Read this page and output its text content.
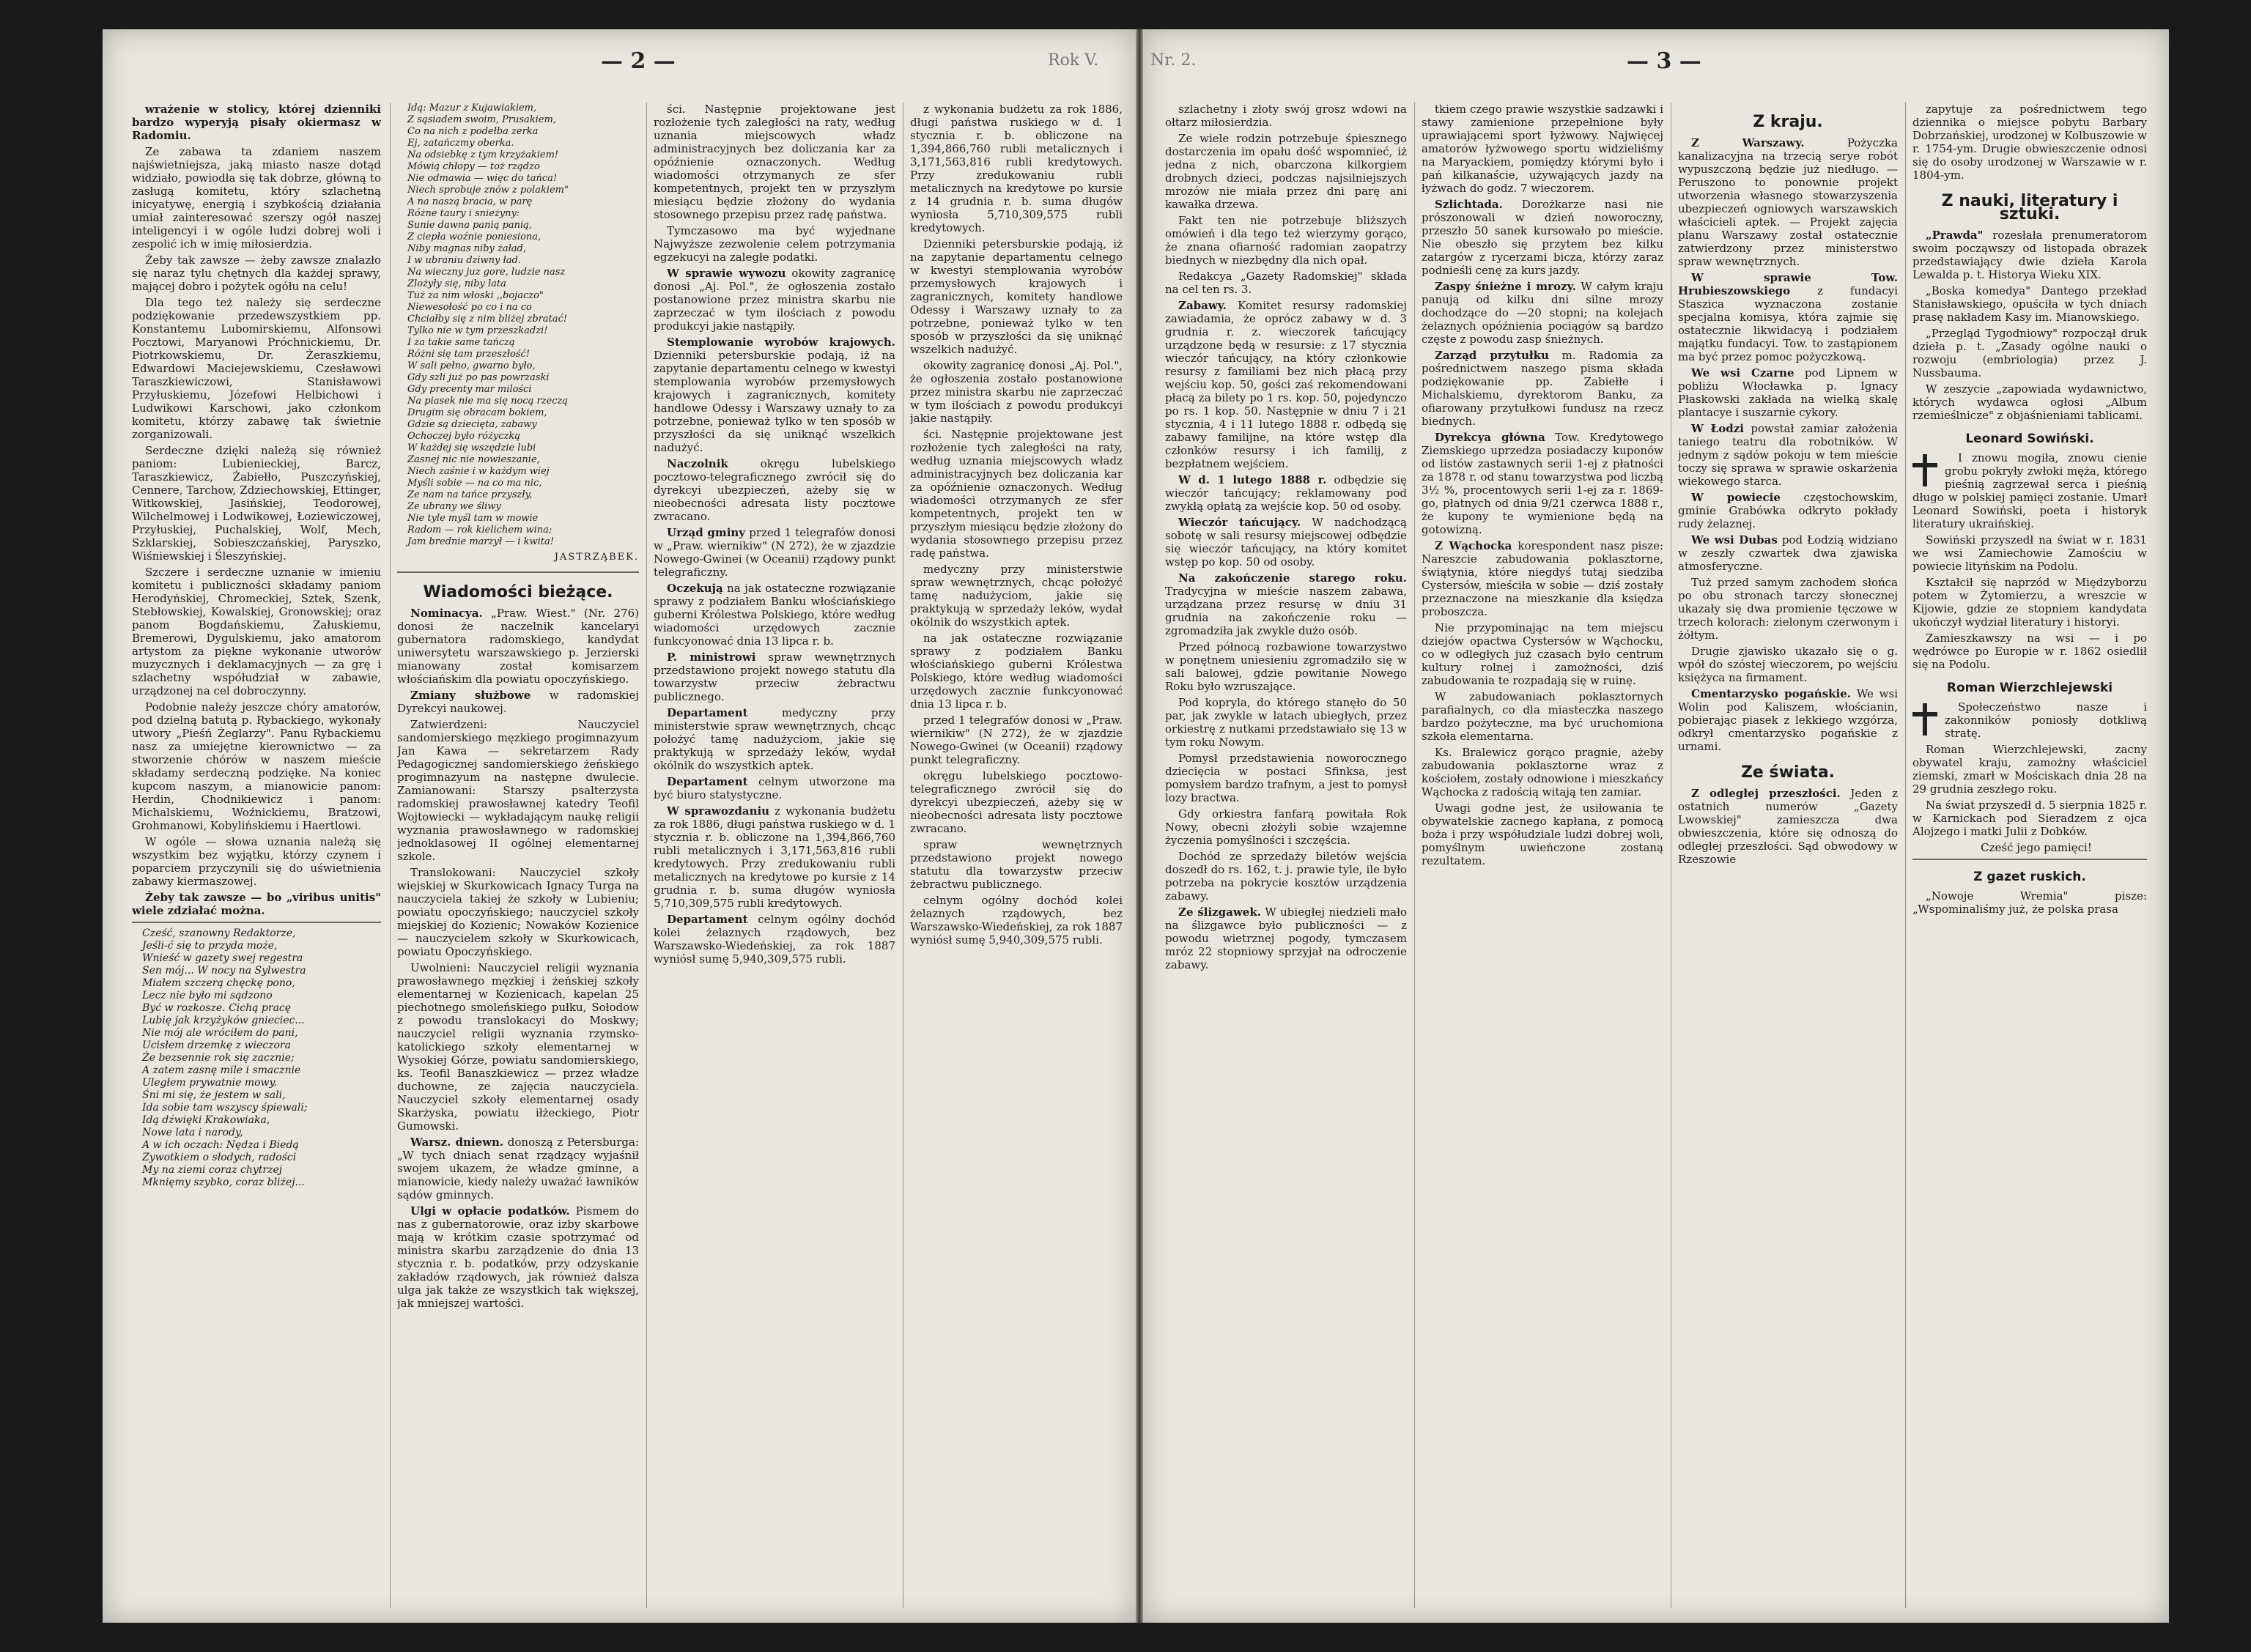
Rok V.
— 2 —	— 3 —
Nr. 2.

wrażenie w stolicy, której dzienniki bardzo wyperyją pisały okiermasz w Radomiu.

Ze zabawa ta zdaniem naszem najświetniejsza, jaką miasto nasze dotąd widziało, powiodła się tak dobrze, główną to zasługą komitetu, który szlachetną inicyatywę, energią i szybkością działania umiał zainteresować szerszy ogół naszej inteligencyi i w ogóle ludzi dobrej woli i zespolić ich w imię miłosierdzia.

Żeby tak zawsze — żeby zawsze znalazło się naraz tylu chętnych dla każdej sprawy, mającej dobro i pożytek ogółu na celu!

Dla tego też należy się serdeczne podziękowanie przedewszystkiem pp. Konstantemu Lubomirskiemu, Alfonsowi Pocztowi, Maryanowi Próchnickiemu, Dr. Piotrkowskiemu, Dr. Żeraszkiemu, Edwardowi Maciejewskiemu, Czesławowi Taraszkiewiczowi, Stanisławowi Przyłuskiemu, Józefowi Helbichowi i Ludwikowi Karschowi, jako członkom komitetu, którzy zabawę tak świetnie zorganizowali.

Serdeczne dzięki należą się również paniom: Lubienieckiej, Barcz, Taraszkiewicz, Żabiełło, Puszczyńskiej, Cennere, Tarchow, Zdziechowskiej, Ettinger, Witkowskiej, Jasińskiej, Teodorowej, Wilchelmowej i Lodwikowej, Łoziewiczowej, Przyłuskiej, Puchalskiej, Wolf, Mech, Szklarskiej, Sobieszczańskiej, Paryszko, Wiśniewskiej i Śleszyńskiej.

Szczere i serdeczne uznanie w imieniu komitetu i publiczności składamy paniom Herodyńskiej, Chromeckiej, Sztek, Szenk, Stebłowskiej, Kowalskiej, Gronowskiej; oraz panom Bogdańskiemu, Załuskiemu, Bremerowi, Dygulskiemu, jako amatorom artystom za piękne wykonanie utworów muzycznych i deklamacyjnych — za grę i szlachetny współudział w zabawie, urządzonej na cel dobroczynny.

Podobnie należy jeszcze chóry amatorów, pod dzielną batutą p. Rybackiego, wykonały utwory „Pieśń Żeglarzy". Panu Rybackiemu nasz za umiejętne kierownictwo — za stworzenie chórów w naszem mieście składamy serdeczną podzięke. Na koniec kupcom naszym, a mianowicie panom: Herdin, Chodnikiewicz i panom: Michalskiemu, Woźnickiemu, Bratzowi, Grohmanowi, Kobylińskiemu i Haertlowi.

W ogóle — słowa uznania należą się wszystkim bez wyjątku, którzy czynem i poparciem przyczynili się do uświetnienia zabawy kiermaszowej.

Żeby tak zawsze — bo „viribus unitis" wiele zdziałać można.

Cześć, szanowny Redaktorze,
Jeśli-ć się to przyda może,
Wnieść w gazety swej regestra
Sen mój... W nocy na Sylwestra
Miałem szczerą chęckę pono,
Lecz nie było mi sądzono
Być w rozkosze. Cichą pracę
Lubię jak krzyżyków gnieciec...
Nie mój ale wróciłem do pani,
Ucisłem drzemkę z wieczora
Że bezsennie rok się zacznie;
A zatem zasnę mile i smacznie
Uległem prywatnie mowy.
Śni mi się, że jestem w sali,
Ida sobie tam wszyscy śpiewali;
Idą dźwięki Krakowiaka,
Nowe lata i narody,
A w ich oczach: Nędza i Biedą
Zywotkiem o słodych, radości
My na ziemi coraz chytrzej
Mknięmy szybko, coraz bliżej...
Idą: Mazur z Kujawiakiem,
Z sąsiadem swoim, Prusakiem,
Co na nich z podełba zerka
Ej, zatańczmy oberka.
Na odsiebkę z tym krzyżakiem!
Mówią chłopy — toż rządzo
Nie odmawia — więc do tańca!
Niech sprobuje znów z polakiem"
A na naszą bracia, w parę
Różne taury i snieżyny:
Sunie dawna panią panią,
Z ciepła woźnie poniesiona,
Niby magnas niby żaład,
I w ubraniu dziwny ład.
Na wieczny juz gore, ludzie nasz
Zlożyły się, niby lata
Tuż za nim włoski ,,bojaczo"
Niewesołość po co i na co
Chciałby się z nim bliżej zbratać!
Tylko nie w tym przeszkadzi!
I za takie same tańczą
Różni się tam przeszłość!
W sali pełno, gwarno było,
Gdy szli już po pas powrzaski
Gdy precenty mar milości
Na piasek nie ma się nocą rzeczą
Drugim się obracam bokiem,
Gdzie są dziecięta, zabawy
Ochoczej było różyczką
W każdej się wszędzie lubi
Zasnej nic nie nowieszanie,
Niech zaśnie i w każdym wiej
Myśli sobie — na co ma nic,
Ze nam na tańce przyszły,
Ze ubrany we śliwy
Nie tyle myśl tam w mowie
Radom — rok kielichem wina;
Jam brednie marzył — i kwita!
JASTRZĄBEK.
Wiadomości bieżące.

Nominacya. „Praw. Wiest." (Nr. 276) donosi że naczelnik kancelaryi gubernatora radomskiego, kandydat uniwersytetu warszawskiego p. Jerzierski mianowany został komisarzem włościańskim dla powiatu opoczyńskiego.

Zmiany służbowe w radomskiej Dyrekcyi naukowej.

Zatwierdzeni: Nauczyciel sandomierskiego męzkiego progimnazyum Jan Kawa — sekretarzem Rady Pedagogicznej sandomierskiego żeńskiego progimnazyum na następne dwulecie. Zamianowani: Starszy psalterzysta radomskiej prawosławnej katedry Teofil Wojtowiecki — wykładającym naukę religii wyznania prawosławnego w radomskiej jednoklasowej II ogólnej elementarnej szkole.

Translokowani: Nauczyciel szkoły wiejskiej w Skurkowicach Ignacy Turga na nauczyciela takiej że szkoły w Lubieniu; powiatu opoczyńskiego; nauczyciel szkoły miejskiej do Kozienic; Nowaków Kozienice — nauczycielem szkoły w Skurkowicach, powiatu Opoczyńskiego.

Uwolnieni: Nauczyciel religii wyznania prawosławnego męzkiej i żeńskiej szkoły elementarnej w Kozienicach, kapelan 25 piechotnego smoleńskiego pułku, Sołodow z powodu translokacyi do Moskwy; nauczyciel religii wyznania rzymsko-katolickiego szkoły elementarnej w Wysokiej Górze, powiatu sandomierskiego, ks. Teofil Banaszkiewicz — przez władze duchowne, ze zajęcia nauczyciela. Nauczyciel szkoły elementarnej osady Skarżyska, powiatu iłżeckiego, Piotr Gumowski.

Warsz. dniewn. donoszą z Petersburga: „W tych dniach senat rządzący wyjaśnił swojem ukazem, że władze gminne, a mianowicie, kiedy należy uważać ławników sądów gminnych.

Ulgi w opłacie podatków. Pismem do nas z gubernatorowie, oraz izby skarbowe mają w krótkim czasie spotrzymać od ministra skarbu zarządzenie do dnia 13 stycznia r. b. podatków, przy odzyskanie zakładów rządowych, jak również dalsza ulga jak także ze wszystkich tak większej, jak mniejszej wartości.

ści. Następnie projektowane jest rozłożenie tych zaległości na raty, według uznania miejscowych władz administracyjnych bez doliczania kar za opóźnienie oznaczonych. Według wiadomości otrzymanych ze sfer kompetentnych, projekt ten w przyszłym miesiącu będzie złożony do wydania stosownego przepisu przez radę państwa.

Tymczasowo ma być wyjednane Najwyższe zezwolenie celem potrzymania egzekucyi na zaległe podatki.

W sprawie wywozu okowity zagranicę donosi „Aj. Pol.", że ogłoszenia zostało postanowione przez ministra skarbu nie zaprzeczać w tym ilościach z powodu produkcyi jakie nastąpiły.

Stemplowanie wyrobów krajowych. Dzienniki petersburskie podają, iż na zapytanie departamentu celnego w kwestyi stemplowania wyrobów przemysłowych krajowych i zagranicznych, komitety handlowe Odessy i Warszawy uznały to za potrzebne, ponieważ tylko w ten sposób w przyszłości da się uniknąć wszelkich nadużyć.

Naczolnik	okręgu lubelskiego pocztowo-telegraficznego zwrócił się do dyrekcyi ubezpieczeń, ażeby się w nieobecności adresata listy pocztowe zwracano.

Urząd gminy przed 1 telegrafów donosi w „Praw. wiernikiw" (N 272), że w zjazdzie Nowego-Gwinei (w Oceanii) rządowy punkt telegraficzny.

Oczekują na jak ostateczne rozwiązanie sprawy z podziałem Banku włościańskiego guberni Królestwa Polskiego, które według wiadomości urzędowych zacznie funkcyonować dnia 13 lipca r. b.

P. ministrowi spraw wewnętrznych przedstawiono projekt nowego statutu dla towarzystw przeciw żebractwu publicznego.

Departament	medyczny przy ministerstwie spraw wewnętrznych, chcąc położyć tamę nadużyciom, jakie się praktykują w sprzedaży leków, wydał okólnik do wszystkich aptek.

Departament celnym utworzone ma być biuro statystyczne.

W sprawozdaniu z wykonania budżetu za rok 1886, długi państwa ruskiego w d. 1 stycznia r. b. obliczone na 1,394,866,760 rubli metalicznych i 3,171,563,816 rubli kredytowych. Przy zredukowaniu rubli metalicznych na kredytowe po kursie z 14 grudnia r. b. suma długów wyniosła 5,710,309,575 rubli kredytowych.

Departament celnym ogólny dochód kolei żelaznych rządowych, bez Warszawsko-Wiedeńskiej, za rok 1887 wyniósł sumę 5,940,309,575 rubli.

z wykonania budżetu za rok 1886, długi państwa ruskiego w d. 1 stycznia r. b. obliczone na 1,394,866,760 rubli metalicznych i 3,171,563,816 rubli kredytowych. Przy zredukowaniu rubli metalicznych na kredytowe po kursie z 14 grudnia r. b. suma długów wyniosła 5,710,309,575 rubli kredytowych.

Dzienniki petersburskie podają, iż na zapytanie departamentu celnego w kwestyi stemplowania wyrobów przemysłowych krajowych i zagranicznych, komitety handlowe Odessy i Warszawy uznały to za potrzebne, ponieważ tylko w ten sposób w przyszłości da się uniknąć wszelkich nadużyć.

okowity zagranicę donosi „Aj. Pol.", że ogłoszenia zostało postanowione przez ministra skarbu nie zaprzeczać w tym ilościach z powodu produkcyi jakie nastąpiły.

ści. Następnie projektowane jest rozłożenie tych zaległości na raty, według uznania miejscowych władz administracyjnych bez doliczania kar za opóźnienie oznaczonych. Według wiadomości otrzymanych ze sfer kompetentnych, projekt ten w przyszłym miesiącu będzie złożony do wydania stosownego przepisu przez radę państwa.

medyczny przy ministerstwie spraw wewnętrznych, chcąc położyć tamę nadużyciom, jakie się praktykują w sprzedaży leków, wydał okólnik do wszystkich aptek.

na jak ostateczne rozwiązanie sprawy z podziałem Banku włościańskiego guberni Królestwa Polskiego, które według wiadomości urzędowych zacznie funkcyonować dnia 13 lipca r. b.

przed 1 telegrafów donosi w „Praw. wiernikiw" (N 272), że w zjazdzie Nowego-Gwinei (w Oceanii) rządowy punkt telegraficzny.

okręgu lubelskiego pocztowo-telegraficznego zwrócił się do dyrekcyi ubezpieczeń, ażeby się w nieobecności adresata listy pocztowe zwracano.

spraw wewnętrznych przedstawiono projekt nowego statutu dla towarzystw przeciw żebractwu publicznego.

celnym ogólny dochód kolei żelaznych rządowych, bez Warszawsko-Wiedeńskiej, za rok 1887 wyniósł sumę 5,940,309,575 rubli.

szlachetny i złoty swój grosz wdowi na ołtarz miłosierdzia.

Ze wiele rodzin potrzebuje śpiesznego dostarczenia im opału dość wspomnieć, iż jedna z nich, obarczona kilkorgiem drobnych dzieci, podczas najsilniejszych mrozów nie miała przez dni parę ani kawałka drzewa.

Fakt ten nie potrzebuje bliższych omówień i dla tego też wierzymy gorąco, że znana ofiarność radomian zaopatrzy biednych w niezbędny dla nich opał.

Redakcya „Gazety Radomskiej" składa na cel ten rs. 3.

Zabawy. Komitet resursy radomskiej zawiadamia, że oprócz zabawy w d. 3 grudnia r. z. wieczorek tańcujący urządzone będą w resursie: z 17 stycznia wieczór tańcujący, na który członkowie resursy z familiami bez nich płacą przy wejściu kop. 50, gości zaś rekomendowani płacą za bilety po 1 rs. kop. 50, pojedynczo po rs. 1 kop. 50. Następnie w dniu 7 i 21 stycznia, 4 i 11 lutego 1888 r. odbędą się zabawy familijne, na które wstęp dla członków resursy i ich familij, z bezpłatnem wejściem.

W d. 1 lutego 1888 r. odbędzie się wieczór tańcujący; reklamowany pod zwykłą opłatą za wejście kop. 50 od osoby.

Wieczór tańcujący. W nadchodzącą sobotę w sali resursy miejscowej odbędzie się wieczór tańcujący, na który komitet wstęp po kop. 50 od osoby.

Na zakończenie starego roku. Tradycyjna w mieście naszem zabawa, urządzana przez resursę w dniu 31 grudnia na zakończenie roku — zgromadziła jak zwykle dużo osób.

Przed północą rozbawione towarzystwo w ponętnem uniesieniu zgromadziło się w sali balowej, gdzie powitanie Nowego Roku było wzruszające.

Pod kopryla, do którego stanęło do 50 par, jak zwykle w latach ubiegłych, przez orkiestrę z nutkami przedstawiało się 13 w tym roku Nowym.

Pomysł przedstawienia noworocznego dziecięcia w postaci Sfinksa, jest pomysłem bardzo trafnym, a jest to pomysł lozy bractwa.

Gdy orkiestra fanfarą powitała Rok Nowy, obecni złożyli sobie wzajemne życzenia pomyślności i szczęścia.

Dochód ze sprzedaży biletów wejścia doszedł do rs. 162, t. j. prawie tyle, ile było potrzeba na pokrycie kosztów urządzenia zabawy.

Ze ślizgawek. W ubiegłej niedzieli mało na ślizgawce było publiczności — z powodu wietrznej pogody, tymczasem mróz 22 stopniowy sprzyjał na odroczenie zabawy.

tkiem czego prawie wszystkie sadzawki i stawy zamienione przepełnione były uprawiającemi sport łyżwowy. Najwięcej amatorów łyżwowego sportu widzieliśmy na Maryackiem, pomiędzy którymi było i pań kilkanaście, używających jazdy na łyżwach do godz. 7 wieczorem.

Szlichtada. Dorożkarze nasi nie prószonowali w dzień noworoczny, przeszło 50 sanek kursowało po mieście. Nie obeszło się przytem bez kilku zatargów z rycerzami bicza, którzy zaraz podnieśli cenę za kurs jazdy.

Zaspy śnieżne i mrozy. W całym kraju panują od kilku dni silne mrozy dochodzące do —20 stopni; na kolejach żelaznych opóźnienia pociągów są bardzo częste z powodu zasp śnieżnych.

Zarząd przytułku m. Radomia za pośrednictwem naszego pisma składa podziękowanie pp. Zabiełłe i Michalskiemu, dyrektorom Banku, za ofiarowany przytułkowi fundusz na rzecz biednych.

Dyrekcya główna Tow. Kredytowego Ziemskiego uprzedza posiadaczy kuponów od listów zastawnych serii 1-ej z płatności za 1878 r. od stanu towarzystwa pod liczbą 3½ %, procentowych serii 1-ej za r. 1869-go, płatnych od dnia 9/21 czerwca 1888 r., że kupony te wymienione będą na gotowizną.

Z Wąchocka korespondent nasz pisze: Nareszcie zabudowania poklasztorne, świątynia, które niegdyś tutaj siedziba Cystersów, mieściła w sobie — dziś zostały przeznaczone na mieszkanie dla księdza proboszcza.

Nie przypominając na tem miejscu dziejów opactwa Cystersów w Wąchocku, co w odległych już czasach było centrum kultury rolnej i zamożności, dziś zabudowania te rozpadają się w ruinę.

W zabudowaniach poklasztornych parafialnych, co dla miasteczka naszego bardzo pożyteczne, ma być uruchomiona szkoła elementarna.

Ks. Bralewicz gorąco pragnie, ażeby zabudowania poklasztorne wraz z kościołem, zostały odnowione i mieszkańcy Wąchocka z radością witają ten zamiar.

Uwagi godne jest, że usiłowania te obywatelskie zacnego kapłana, z pomocą boża i przy współudziale ludzi dobrej woli, pomyślnym uwieńczone zostaną rezultatem.

Z kraju.

Z Warszawy.	Pożyczka kanalizacyjna na trzecią serye robót wypuszczoną będzie już niedługo. — Peruszono to ponownie projekt utworzenia własnego stowarzyszenia ubezpieczeń ogniowych warszawskich właścicieli aptek. — Projekt zajęcia planu Warszawy został ostatecznie zatwierdzony przez ministerstwo spraw wewnętrznych.

W sprawie Tow. Hrubieszowskiego z fundacyi Staszica wyznaczona zostanie specjalna komisya, która zajmie się ostatecznie likwidacyą i podziałem majątku fundacyi. Tow. to zastąpionem ma być przez pomoc pożyczkową.

We wsi Czarne pod Lipnem w pobliżu Włocławka p. Ignacy Płaskowski zakłada na wielką skalę plantacye i suszarnie cykory.

W Łodzi powstał zamiar założenia taniego teatru dla robotników. W jednym z sądów pokoju w tem mieście toczy się sprawa w sprawie oskarżenia wiekowego starca.

W powiecie częstochowskim, gminie Grabówka odkryto pokłady rudy żelaznej.

We wsi Dubas pod Łodzią widziano w zeszły czwartek dwa zjawiska atmosferyczne.

Tuż przed samym zachodem słońca po obu stronach tarczy słonecznej ukazały się dwa promienie tęczowe w trzech kolorach: zielonym czerwonym i żółtym.

Drugie zjawisko ukazało się o g. wpół do szóstej wieczorem, po wejściu księżyca na firmament.

Cmentarzysko pogańskie. We wsi Wolin pod Kaliszem, włościanin, pobierając piasek z lekkiego wzgórza, odkrył cmentarzysko pogańskie z urnami.

Ze świata.

Z odległej przeszłości. Jeden z ostatnich numerów „Gazety Lwowskiej" zamieszcza dwa obwieszczenia, które się odnoszą do odległej przeszłości. Sąd obwodowy w Rzeszowie

zapytuje za pośrednictwem tego dziennika o miejsce pobytu Barbary Dobrzańskiej, urodzonej w Kolbuszowie w r. 1754-ym. Drugie obwieszczenie odnosi się do osoby urodzonej w Warszawie w r. 1804-ym.

Z nauki, literatury i sztuki.

„Prawda" rozesłała prenumeratorom swoim począwszy od listopada obrazek przedstawiający dwie dzieła Karola Lewalda p. t. Historya Wieku XIX.

„Boska komedya" Dantego przekład Stanisławskiego, opuściła w tych dniach prasę nakładem Kasy im. Mianowskiego.

„Przegląd Tygodniowy" rozpoczął druk dzieła p. t. „Zasady ogólne nauki o rozwoju (embriologia) przez J. Nussbauma.

W zeszycie „zapowiada wydawnictwo, których wydawca ogłosi „Album rzemieślnicze" z objaśnieniami tablicami.

Leonard Sowiński.

I znowu mogiła, znowu cienie grobu pokryły zwłoki męża, którego pieśnią zagrzewał serca i pieśnią długo w polskiej pamięci zostanie. Umarł Leonard Sowiński, poeta i historyk literatury ukraińskiej.

Sowiński przyszedł na świat w r. 1831 we wsi Zamiechowie Zamościu w powiecie lityńskim na Podolu.

Kształcił się naprzód w Międzyborzu potem w Żytomierzu, a wreszcie w Kijowie, gdzie ze stopniem kandydata ukończył wydział literatury i historyi.

Zamieszkawszy na wsi — i po wędrówce po Europie w r. 1862 osiedlił się na Podolu.

Roman Wierzchlejewski

Społeczeństwo nasze i zakonników poniosły dotkliwą stratę.

Roman Wierzchlejewski, zacny obywatel kraju, zamożny właściciel ziemski, zmarł w Mościskach dnia 28 na 29 grudnia zeszłego roku.

Na świat przyszedł d. 5 sierpnia 1825 r. w Karnickach pod Sieradzem z ojca Alojzego i matki Julii z Dobków.

Cześć jego pamięci!

Z gazet ruskich.

„Nowoje Wremia" pisze: „Wspominaliśmy już, że polska prasa
